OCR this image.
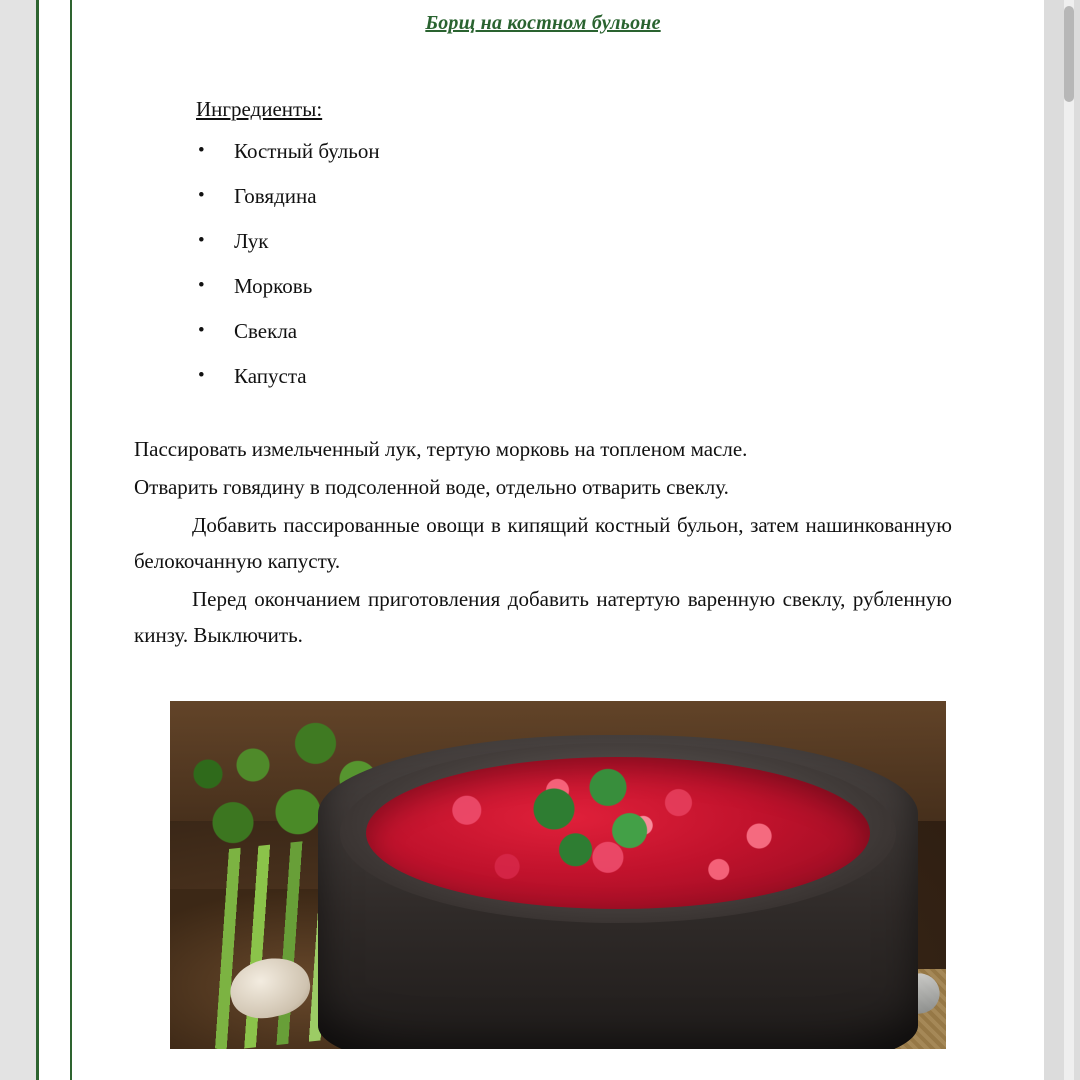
Борщ на костном бульоне
Ингредиенты:
• Костный бульон
• Говядина
• Лук
• Морковь
• Свекла
• Капуста

Пассировать измельченный лук, тертую морковь на топленом масле.

Отварить говядину в подсоленной воде, отдельно отварить свеклу.

Добавить пассированные овощи в кипящий костный бульон, затем нашинкованную белокочанную капусту.

Перед окончанием приготовления добавить натертую варенную свеклу, рубленную кинзу. Выключить.
